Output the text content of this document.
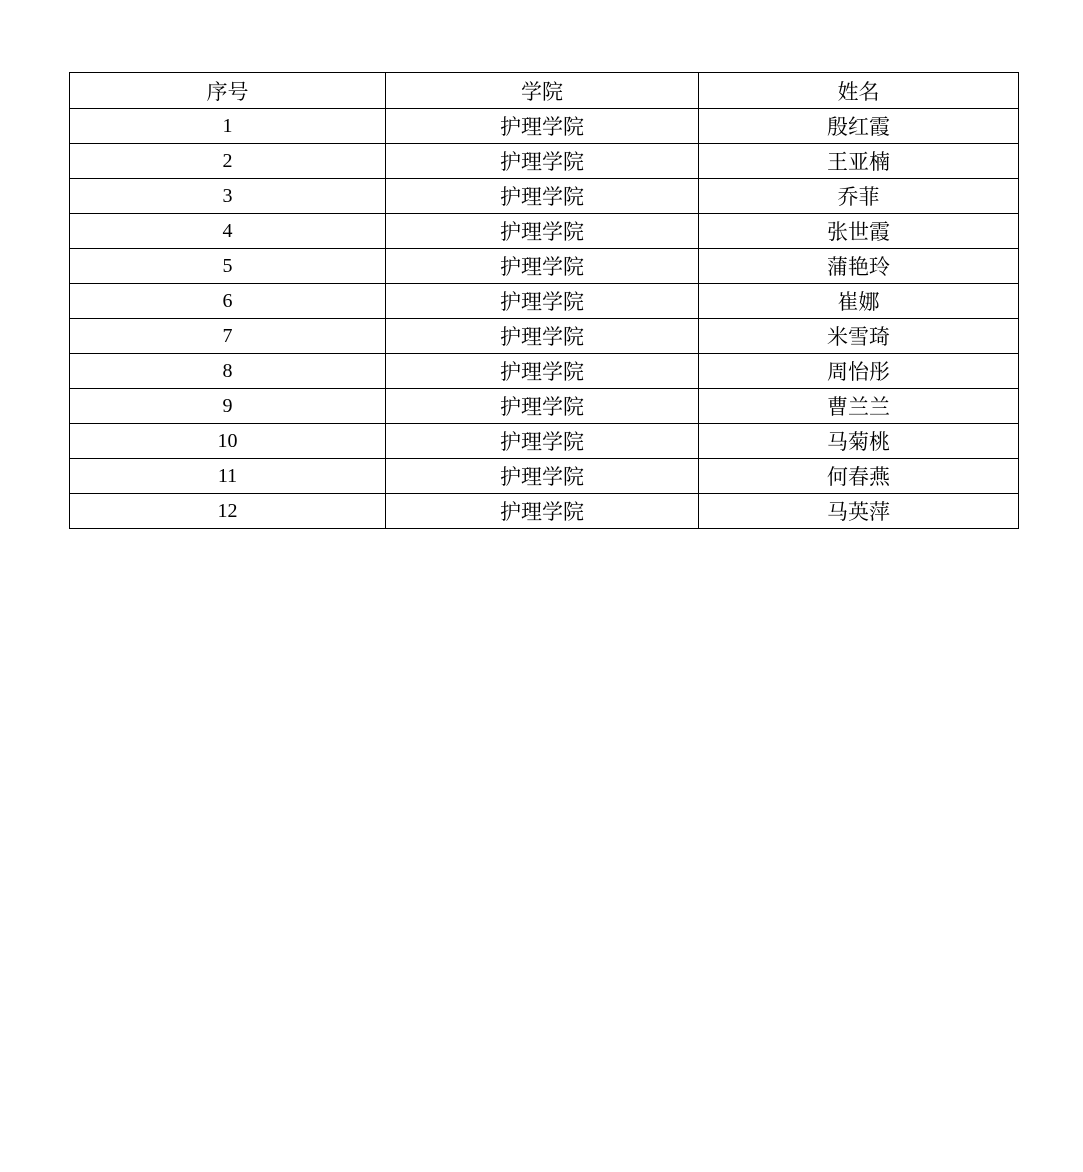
序号	学院	姓名
1	护理学院	殷红霞
2	护理学院	王亚楠
3	护理学院	乔菲
4	护理学院	张世霞
5	护理学院	蒲艳玲
6	护理学院	崔娜
7	护理学院	米雪琦
8	护理学院	周怡彤
9	护理学院	曹兰兰
10	护理学院	马菊桃
11	护理学院	何春燕
12	护理学院	马英萍
